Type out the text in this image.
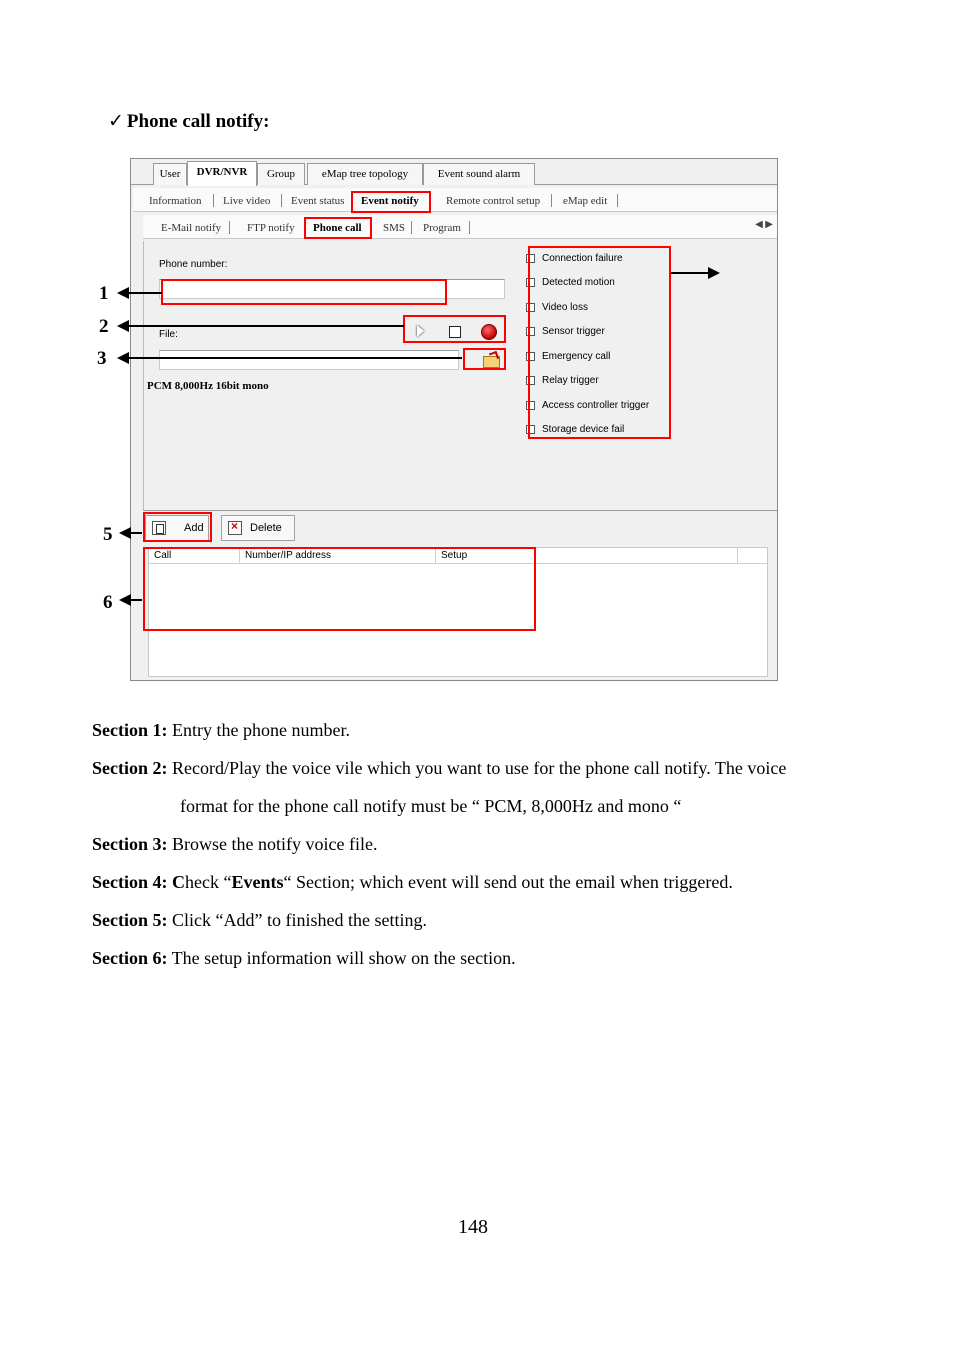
✓ Phone call notify:
User	DVR/NVR	Group	eMap tree topology	Event sound alarm
Information	Live video	Event status	Event notify	Remote control setup	eMap edit
E-Mail notify	FTP notify	Phone call	SMS	Program	◀ ▶
Phone number:
File:
PCM 8,000Hz 16bit mono
Connection failure
Detected motion
Video loss
Sensor trigger
Emergency call
Relay trigger
Access controller trigger
Storage device fail
Add
×	Delete
Call	Number/IP address	Setup
1
2
3
5
6
Section 1: Entry the phone number.
Section 2: Record/Play the voice vile which you want to use for the phone call notify. The voice
format for the phone call notify must be “ PCM, 8,000Hz and mono “
Section 3: Browse the notify voice file.
Section 4: Check “Events“ Section; which event will send out the email when triggered.
Section 5: Click “Add” to finished the setting.
Section 6: The setup information will show on the section.
148
